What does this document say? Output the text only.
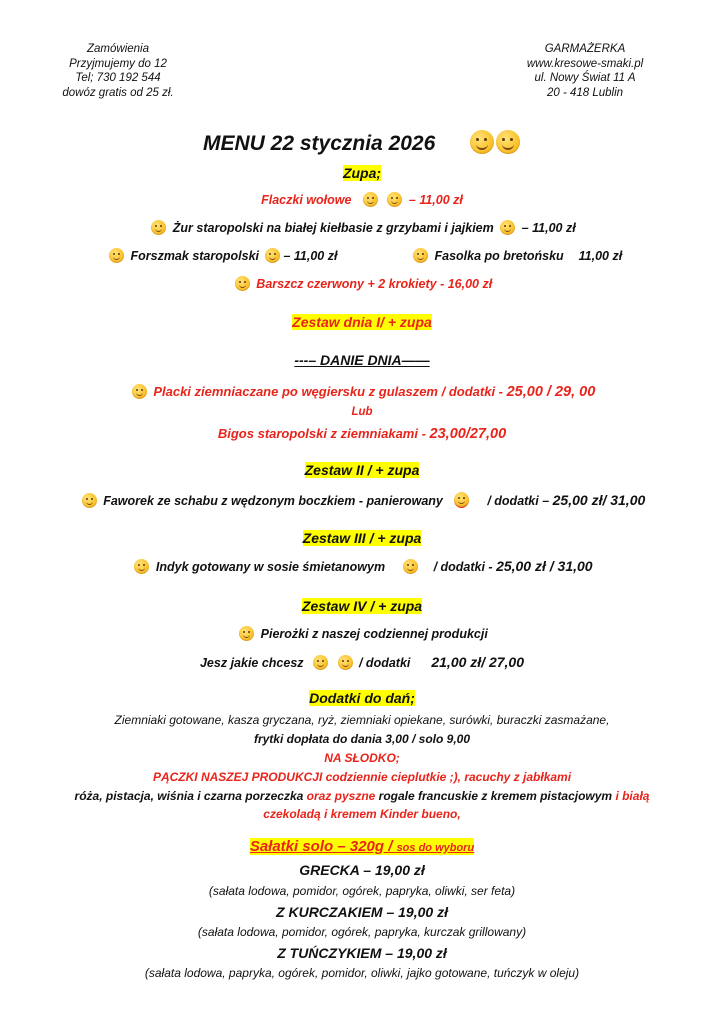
Zamówienia
Przyjmujemy do 12
Tel; 730 192 544
dowóz gratis od 25 zł.
GARMAŻERKA
www.kresowe-smaki.pl
ul. Nowy Świat 11 A
20 - 418 Lublin
MENU 22 stycznia 2026
Zupa;
Flaczki wołowe	– 11,00 zł
Żur staropolski na białej kiełbasie z grzybami i jajkiem – 11,00 zł
Forszmak staropolski – 11,00 zł	Fasolka po bretońsku 11,00 zł
Barszcz czerwony + 2 krokiety - 16,00 zł
Zestaw dnia I/ + zupa
---– DANIE DNIA——
Placki ziemniaczane po węgiersku z gulaszem / dodatki - 25,00 / 29, 00
Lub
Bigos staropolski z ziemniakami - 23,00/27,00
Zestaw II / + zupa
Faworek ze schabu z wędzonym boczkiem - panierowany	/ dodatki – 25,00 zł/ 31,00
Zestaw III / + zupa
Indyk gotowany w sosie śmietanowym	/ dodatki - 25,00 zł / 31,00
Zestaw IV / + zupa
Pierożki z naszej codziennej produkcji
Jesz jakie chcesz	/ dodatki 21,00 zł/ 27,00
Dodatki do dań;
Ziemniaki gotowane, kasza gryczana, ryż, ziemniaki opiekane, surówki, buraczki zasmażane,
frytki dopłata do dania 3,00 / solo 9,00
NA SŁODKO;
PĄCZKI NASZEJ PRODUKCJI codziennie cieplutkie ;), racuchy z jabłkami
róża, pistacja, wiśnia i czarna porzeczka oraz pyszne rogale francuskie z kremem pistacjowym i białą
czekoladą i kremem Kinder bueno,
Sałatki solo – 320g / sos do wyboru
GRECKA – 19,00 zł
(sałata lodowa, pomidor, ogórek, papryka, oliwki, ser feta)
Z KURCZAKIEM – 19,00 zł
(sałata lodowa, pomidor, ogórek, papryka, kurczak grillowany)
Z TUŃCZYKIEM – 19,00 zł
(sałata lodowa, papryka, ogórek, pomidor, oliwki, jajko gotowane, tuńczyk w oleju)
